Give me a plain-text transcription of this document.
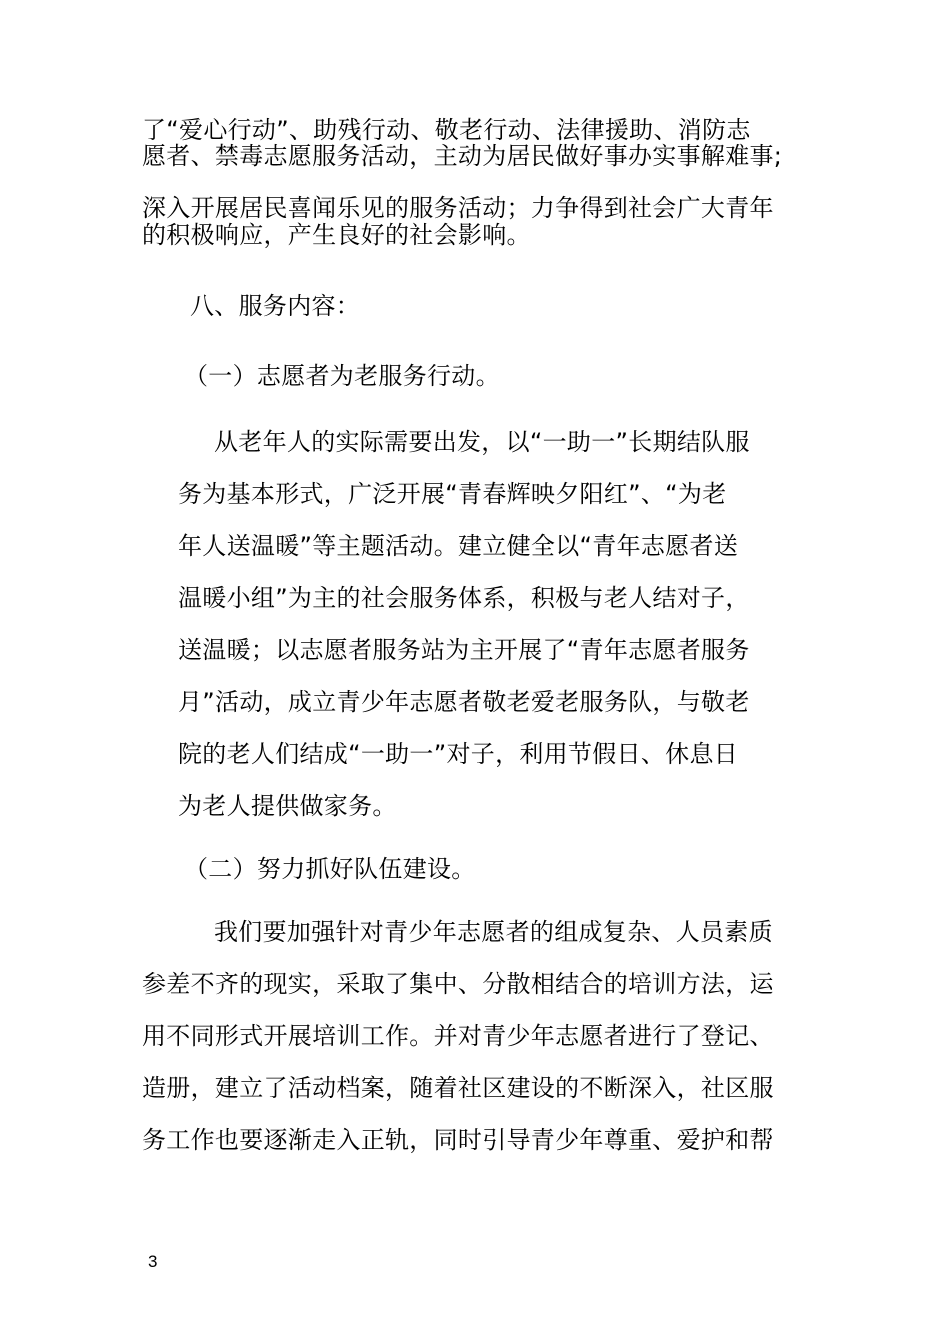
了“爱心行动”、助残行动、敬老行动、法律援助、消防志
愿者、禁毒志愿服务活动，主动为居民做好事办实事解难事;
深入开展居民喜闻乐见的服务活动；力争得到社会广大青年
的积极响应，产生良好的社会影响。
八、服务内容：
（一）志愿者为老服务行动。
从老年人的实际需要出发，以“一助一”长期结队服
务为基本形式，广泛开展“青春辉映夕阳红”、“为老
年人送温暖”等主题活动。建立健全以“青年志愿者送
温暖小组”为主的社会服务体系，积极与老人结对子，
送温暖；以志愿者服务站为主开展了“青年志愿者服务
月”活动，成立青少年志愿者敬老爱老服务队，与敬老
院的老人们结成“一助一”对子，利用节假日、休息日
为老人提供做家务。
（二）努力抓好队伍建设。
我们要加强针对青少年志愿者的组成复杂、人员素质
参差不齐的现实，采取了集中、分散相结合的培训方法，运
用不同形式开展培训工作。并对青少年志愿者进行了登记、
造册，建立了活动档案，随着社区建设的不断深入，社区服
务工作也要逐渐走入正轨，同时引导青少年尊重、爱护和帮
3
